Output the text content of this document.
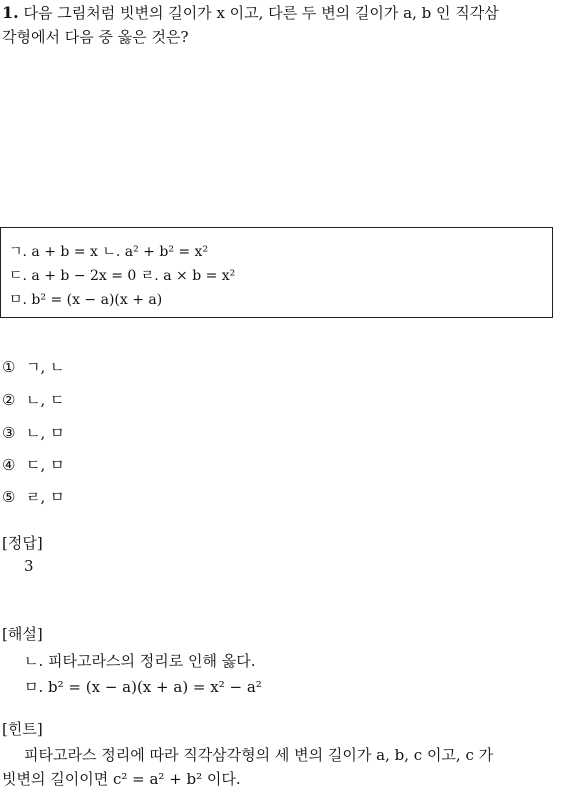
1. 다음 그림처럼 빗변의 길이가 x 이고, 다른 두 변의 길이가 a, b 인 직각삼
각형에서 다음 중 옳은 것은?
ㄱ. a + b = x ㄴ. a² + b² = x²
ㄷ. a + b − 2x = 0 ㄹ. a × b = x²
ㅁ. b² = (x − a)(x + a)
① ㄱ, ㄴ
② ㄴ, ㄷ
③ ㄴ, ㅁ
④ ㄷ, ㅁ
⑤ ㄹ, ㅁ
[정답]
3
[해설]
ㄴ. 피타고라스의 정리로 인해 옳다.
ㅁ. b² = (x − a)(x + a) = x² − a²
[힌트]
피타고라스 정리에 따라 직각삼각형의 세 변의 길이가 a, b, c 이고, c 가
빗변의 길이이면 c² = a² + b² 이다.
